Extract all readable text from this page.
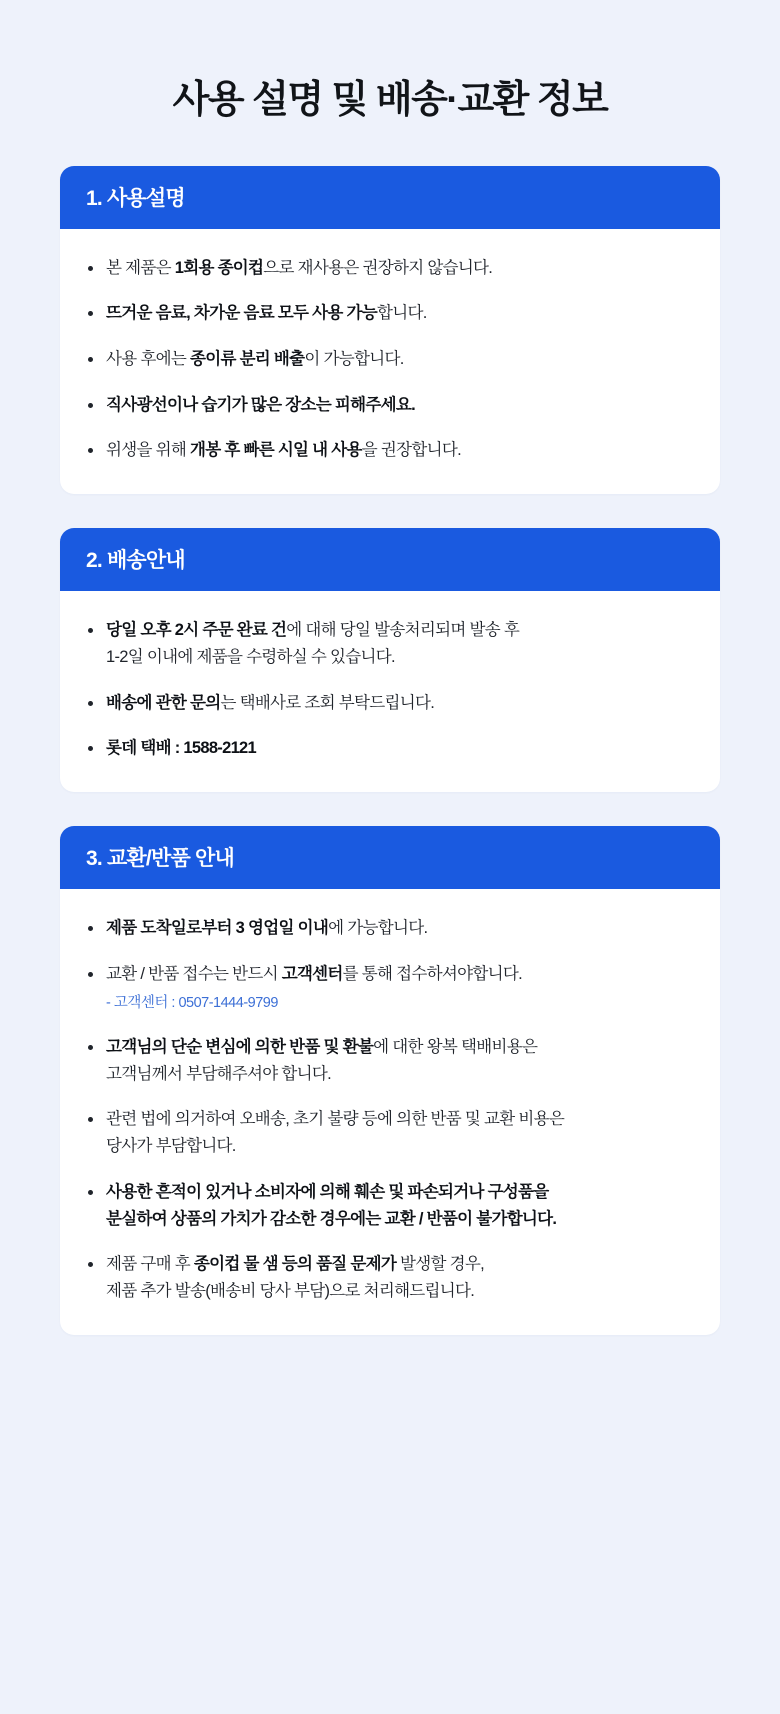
사용 설명 및 배송·교환 정보
1. 사용설명
본 제품은 1회용 종이컵으로 재사용은 권장하지 않습니다.
뜨거운 음료, 차가운 음료 모두 사용 가능합니다.
사용 후에는 종이류 분리 배출이 가능합니다.
직사광선이나 습기가 많은 장소는 피해주세요.
위생을 위해 개봉 후 빠른 시일 내 사용을 권장합니다.
2. 배송안내
당일 오후 2시 주문 완료 건에 대해 당일 발송처리되며 발송 후
1-2일 이내에 제품을 수령하실 수 있습니다.
배송에 관한 문의는 택배사로 조회 부탁드립니다.
롯데 택배 : 1588-2121
3. 교환/반품 안내
제품 도착일로부터 3 영업일 이내에 가능합니다.
교환 / 반품 접수는 반드시 고객센터를 통해 접수하셔야합니다.
- 고객센터 : 0507-1444-9799
고객님의 단순 변심에 의한 반품 및 환불에 대한 왕복 택배비용은
고객님께서 부담해주셔야 합니다.
관련 법에 의거하여 오배송, 초기 불량 등에 의한 반품 및 교환 비용은
당사가 부담합니다.
사용한 흔적이 있거나 소비자에 의해 훼손 및 파손되거나 구성품을
분실하여 상품의 가치가 감소한 경우에는 교환 / 반품이 불가합니다.
제품 구매 후 종이컵 물 샘 등의 품질 문제가 발생할 경우,
제품 추가 발송(배송비 당사 부담)으로 처리해드립니다.
